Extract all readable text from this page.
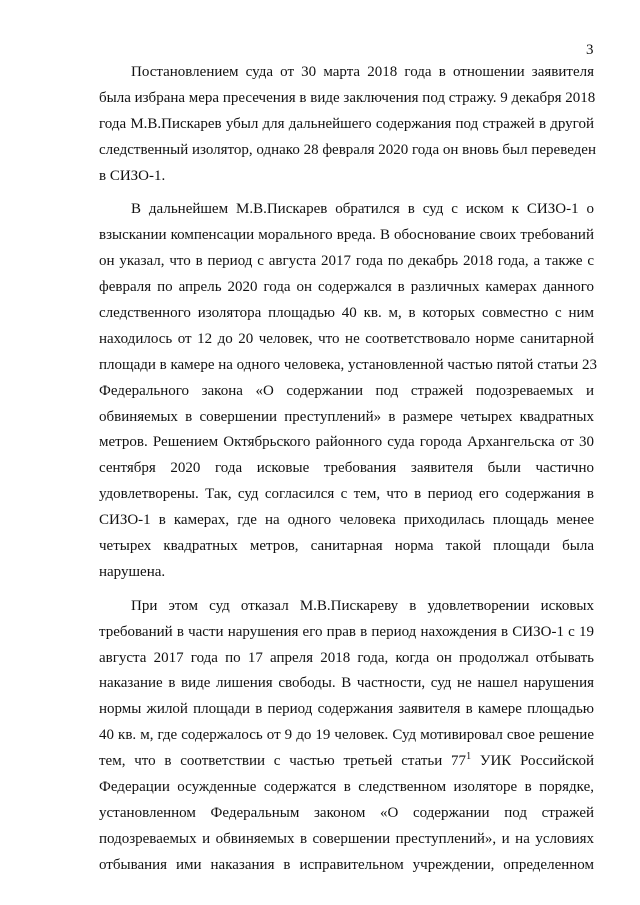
3
Постановлением суда от 30 марта 2018 года в отношении заявителя
была избрана мера пресечения в виде заключения под стражу. 9 декабря 2018
года М.В.Пискарев убыл для дальнейшего содержания под стражей в другой
следственный изолятор, однако 28 февраля 2020 года он вновь был переведен
в СИЗО-1.
В дальнейшем М.В.Пискарев обратился в суд с иском к СИЗО-1 о
взыскании компенсации морального вреда. В обоснование своих требований
он указал, что в период с августа 2017 года по декабрь 2018 года, а также с
февраля по апрель 2020 года он содержался в различных камерах данного
следственного изолятора площадью 40 кв. м, в которых совместно с ним
находилось от 12 до 20 человек, что не соответствовало норме санитарной
площади в камере на одного человека, установленной частью пятой статьи 23
Федерального закона «О содержании под стражей подозреваемых и
обвиняемых в совершении преступлений» в размере четырех квадратных
метров. Решением Октябрьского районного суда города Архангельска от 30
сентября 2020 года исковые требования заявителя были частично
удовлетворены. Так, суд согласился с тем, что в период его содержания в
СИЗО-1 в камерах, где на одного человека приходилась площадь менее
четырех квадратных метров, санитарная норма такой площади была
нарушена.
При этом суд отказал М.В.Пискареву в удовлетворении исковых
требований в части нарушения его прав в период нахождения в СИЗО-1 с 19
августа 2017 года по 17 апреля 2018 года, когда он продолжал отбывать
наказание в виде лишения свободы. В частности, суд не нашел нарушения
нормы жилой площади в период содержания заявителя в камере площадью
40 кв. м, где содержалось от 9 до 19 человек. Суд мотивировал свое решение
тем, что в соответствии с частью третьей статьи $77^1$ УИК Российской
Федерации осужденные содержатся в следственном изоляторе в порядке,
установленном Федеральным законом «О содержании под стражей
подозреваемых и обвиняемых в совершении преступлений», и на условиях
отбывания ими наказания в исправительном учреждении, определенном
